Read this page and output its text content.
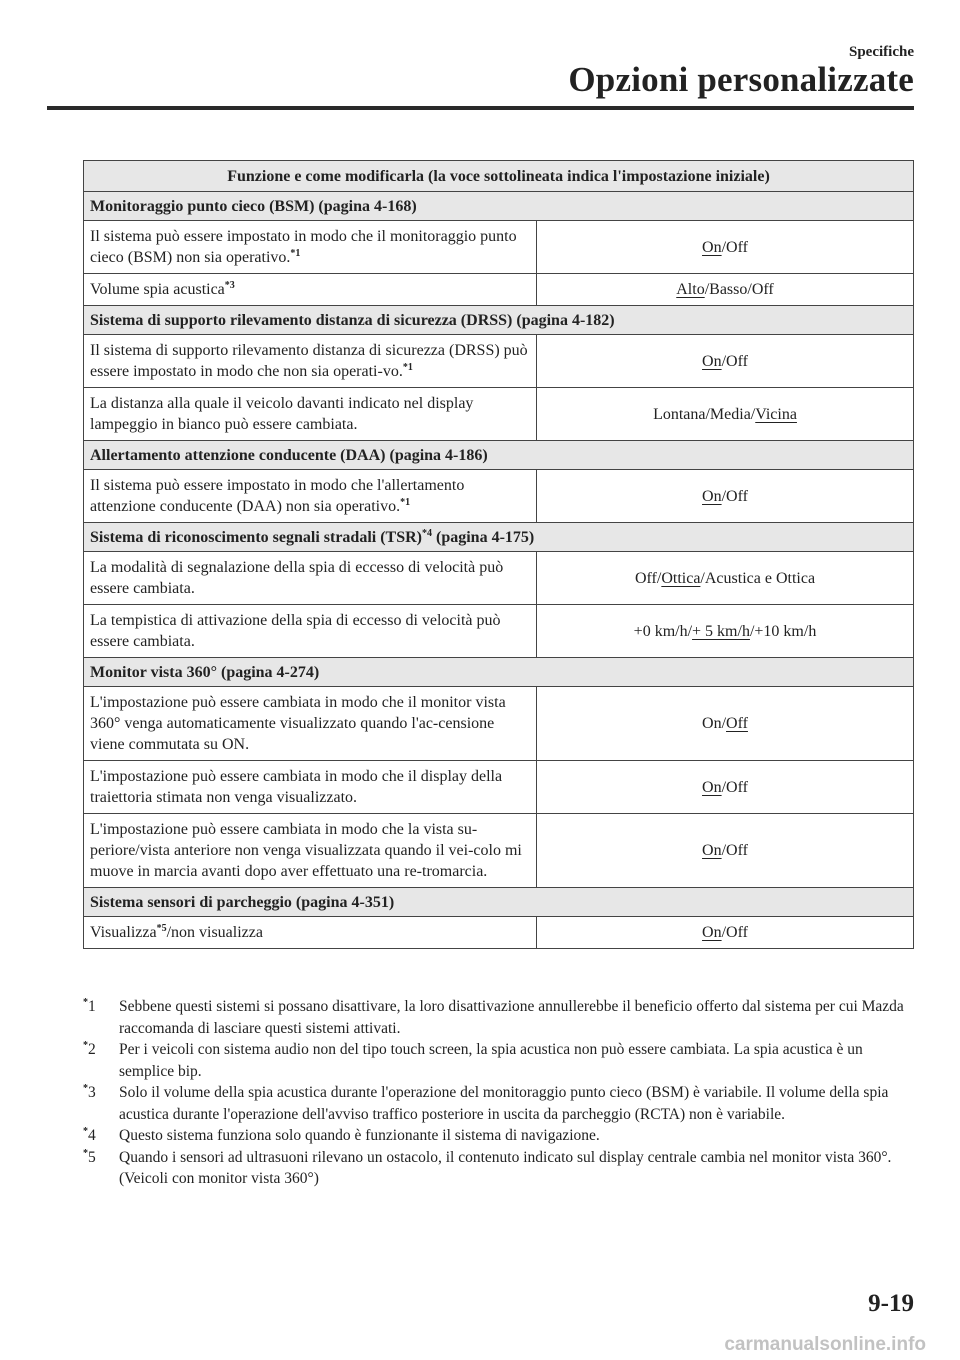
Specifiche
Opzioni personalizzate
Funzione e come modificarla (la voce sottolineata indica l'impostazione iniziale)	
Monitoraggio punto cieco (BSM) (pagina 4-168)	
Il sistema può essere impostato in modo che il monitoraggio punto cieco (BSM) non sia operativo.$^{*1}$	On/Off
Volume spia acustica$^{*3}$	Alto/Basso/Off
Sistema di supporto rilevamento distanza di sicurezza (DRSS) (pagina 4-182)	
Il sistema di supporto rilevamento distanza di sicurezza (DRSS) può essere impostato in modo che non sia operati-vo.$^{*1}$	On/Off
La distanza alla quale il veicolo davanti indicato nel display lampeggio in bianco può essere cambiata.	Lontana/Media/Vicina
Allertamento attenzione conducente (DAA) (pagina 4-186)	
Il sistema può essere impostato in modo che l'allertamento attenzione conducente (DAA) non sia operativo.$^{*1}$	On/Off
Sistema di riconoscimento segnali stradali (TSR)$^{*4}$ (pagina 4-175)	
La modalità di segnalazione della spia di eccesso di velocità può essere cambiata.	Off/Ottica/Acustica e Ottica
La tempistica di attivazione della spia di eccesso di velocità può essere cambiata.	+0 km/h/+ 5 km/h/+10 km/h
Monitor vista 360° (pagina 4-274)	
L'impostazione può essere cambiata in modo che il monitor vista 360° venga automaticamente visualizzato quando l'ac-censione viene commutata su ON.	On/Off
L'impostazione può essere cambiata in modo che il display della traiettoria stimata non venga visualizzato.	On/Off
L'impostazione può essere cambiata in modo che la vista su-periore/vista anteriore non venga visualizzata quando il vei-colo mi muove in marcia avanti dopo aver effettuato una re-tromarcia.	On/Off
Sistema sensori di parcheggio (pagina 4-351)	
Visualizza$^{*5}$/non visualizza	On/Off
*1	Sebbene questi sistemi si possano disattivare, la loro disattivazione annullerebbe il beneficio offerto dal sistema per cui Mazda raccomanda di lasciare questi sistemi attivati.
*2	Per i veicoli con sistema audio non del tipo touch screen, la spia acustica non può essere cambiata. La spia acustica è un semplice bip.
*3	Solo il volume della spia acustica durante l'operazione del monitoraggio punto cieco (BSM) è variabile. Il volume della spia acustica durante l'operazione dell'avviso traffico posteriore in uscita da parcheggio (RCTA) non è variabile.
*4	Questo sistema funziona solo quando è funzionante il sistema di navigazione.
*5	Quando i sensori ad ultrasuoni rilevano un ostacolo, il contenuto indicato sul display centrale cambia nel monitor vista 360°. (Veicoli con monitor vista 360°)
9-19
carmanualsonline.info
